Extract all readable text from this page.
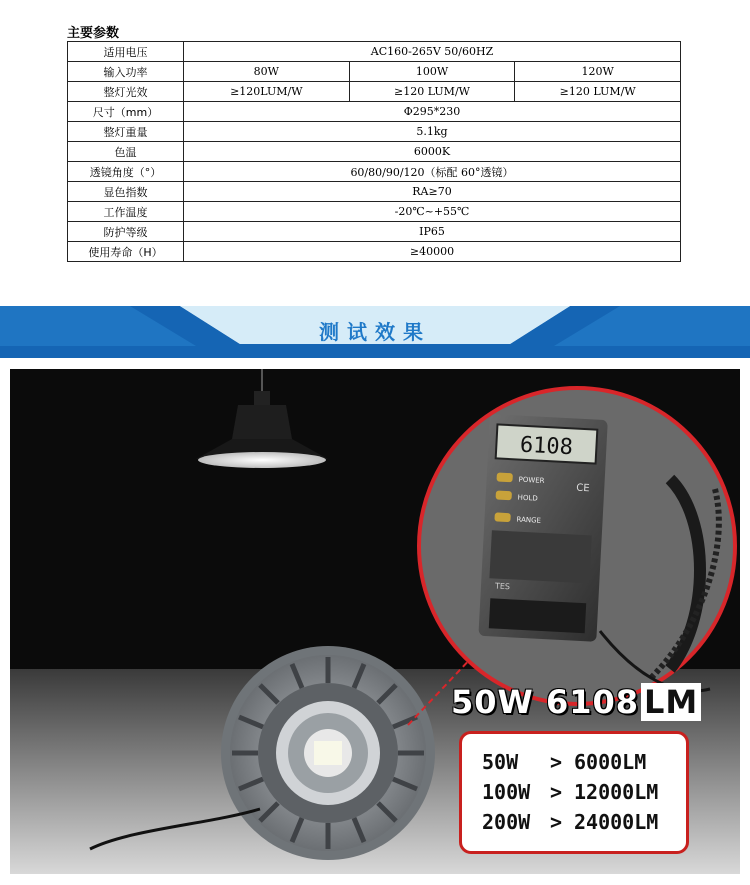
主要参数
适用电压	AC160-265V 50/60HZ		
输入功率	80W	100W	120W
整灯光效	≥120LUM/W	≥120 LUM/W	≥120 LUM/W
尺寸（mm）	Φ295*230		
整灯重量	5.1kg		
色温	6000K		
透镜角度（°）	60/80/90/120（标配 60°透镜）		
显色指数	RA≥70		
工作温度	-20℃~+55℃		
防护等级	IP65		
使用寿命（H）	≥40000		
测试效果
6108
POWER
HOLD
RANGE
CE
TES
50W 6108 LM
50W > 6000LM
100W > 12000LM
200W > 24000LM
